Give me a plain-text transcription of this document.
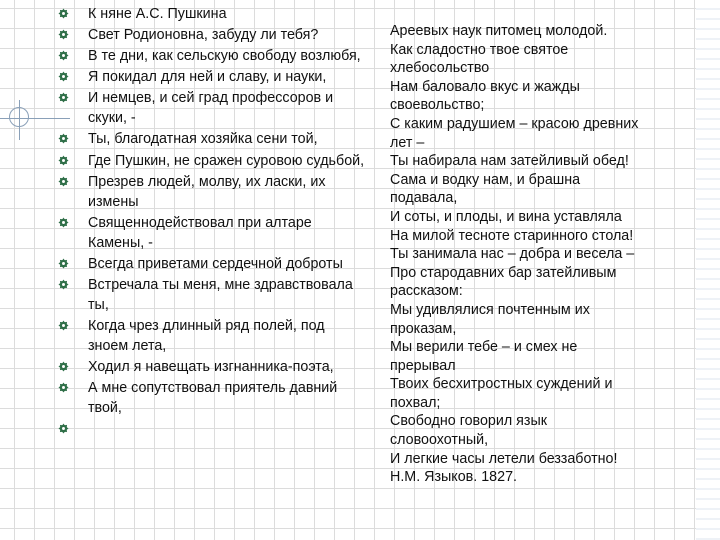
К няне А.С. Пушкина
Свет Родионовна, забуду ли тебя?
В те дни, как сельскую свободу возлюбя,
Я покидал для ней и славу, и науки,
И немцев, и сей град профессоров и скуки, -
Ты, благодатная хозяйка сени той,
Где Пушкин, не сражен суровою судьбой,
Презрев людей, молву, их ласки, их измены
Священнодействовал при алтаре Камены, -
Всегда приветами сердечной доброты
Встречала ты меня, мне здравствовала ты,
Когда чрез длинный ряд полей, под зноем лета,
Ходил я навещать изгнанника-поэта,
А мне сопутствовал приятель давний твой,
Ареевых наук питомец молодой.
Как сладостно твое святое
хлебосольство
Нам баловало вкус и жажды
своевольство;
С каким радушием – красою древних
лет –
Ты набирала нам затейливый обед!
Сама и водку нам, и брашна
подавала,
И соты, и плоды, и вина уставляла
На милой тесноте старинного стола!
Ты занимала нас – добра и весела –
Про стародавних бар затейливым
рассказом:
Мы удивлялися почтенным их
проказам,
Мы верили тебе – и смех не
прерывал
Твоих бесхитростных суждений и
похвал;
Свободно говорил язык
словоохотный,
И легкие часы летели беззаботно!
Н.М. Языков. 1827.
